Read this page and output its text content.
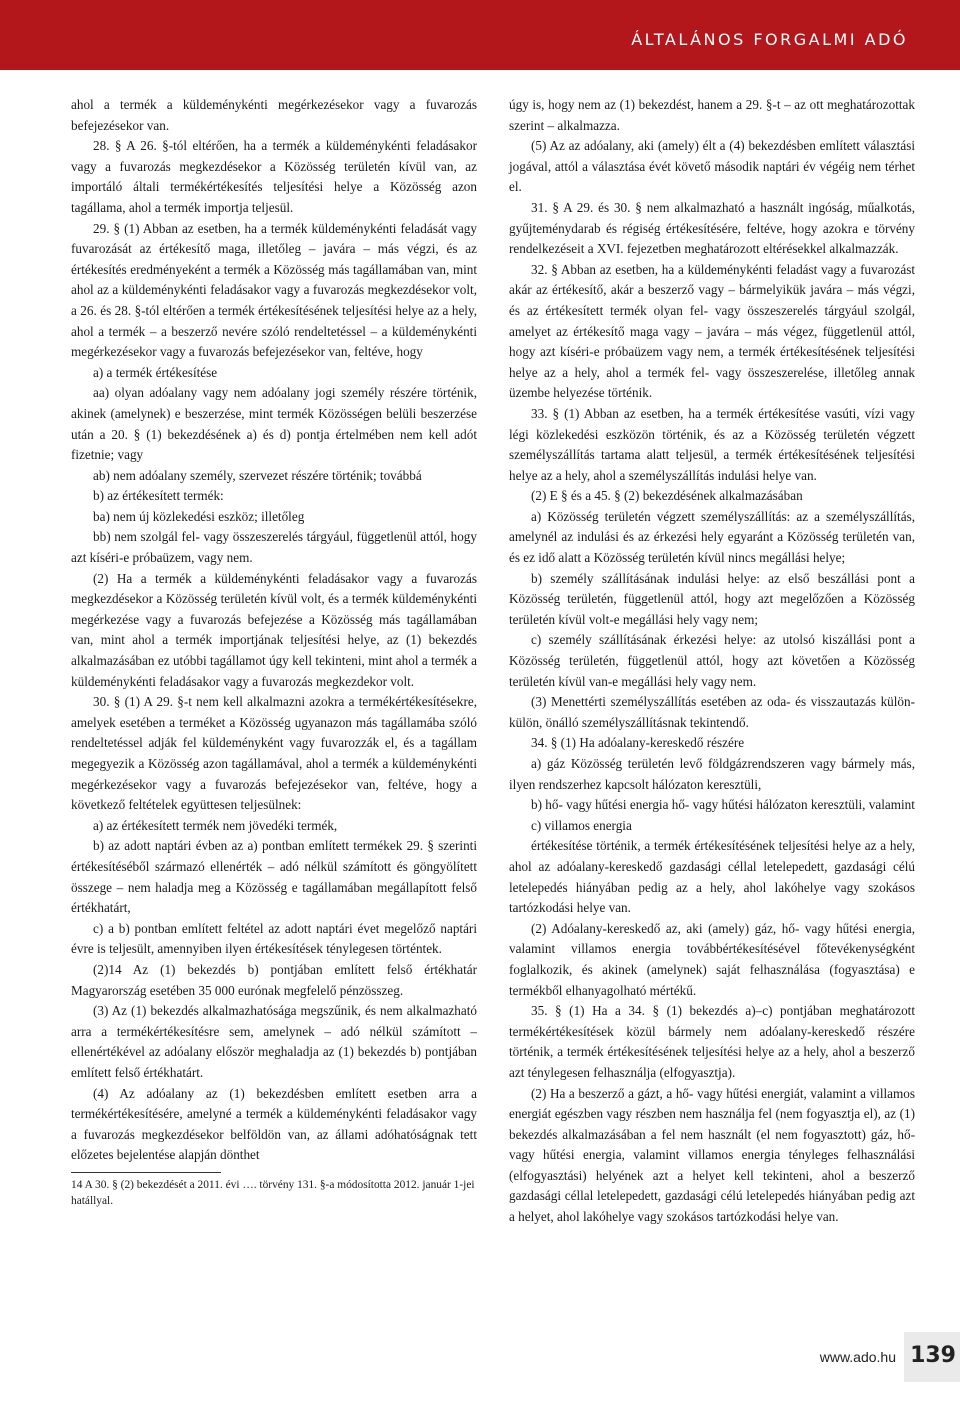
ÁLTALÁNOS FORGALMI ADÓ

ahol a termék a küldeménykénti megérkezésekor vagy a fuvarozás befejezésekor van.

28. § A 26. §-tól eltérően, ha a termék a küldeménykénti feladásakor vagy a fuvarozás megkezdésekor a Közösség területén kívül van, az importáló általi termékértékesítés teljesítési helye a Közösség azon tagállama, ahol a termék importja teljesül.

29. § (1) Abban az esetben, ha a termék küldeménykénti feladását vagy fuvarozását az értékesítő maga, illetőleg – javára – más végzi, és az értékesítés eredményeként a termék a Közösség más tagállamában van, mint ahol az a küldeménykénti feladásakor vagy a fuvarozás megkezdésekor volt, a 26. és 28. §-tól eltérően a termék értékesítésének teljesítési helye az a hely, ahol a termék – a beszerző nevére szóló rendeltetéssel – a küldeménykénti megérkezésekor vagy a fuvarozás befejezésekor van, feltéve, hogy

a) a termék értékesítése

aa) olyan adóalany vagy nem adóalany jogi személy részére történik, akinek (amelynek) e beszerzése, mint termék Közösségen belüli beszerzése után a 20. § (1) bekezdésének a) és d) pontja értelmében nem kell adót fizetnie; vagy

ab) nem adóalany személy, szervezet részére történik; továbbá

b) az értékesített termék:

ba) nem új közlekedési eszköz; illetőleg

bb) nem szolgál fel- vagy összeszerelés tárgyául, függetlenül attól, hogy azt kíséri-e próbaüzem, vagy nem.

(2) Ha a termék a küldeménykénti feladásakor vagy a fuvarozás megkezdésekor a Közösség területén kívül volt, és a termék küldeménykénti megérkezése vagy a fuvarozás befejezése a Közösség más tagállamában van, mint ahol a termék importjának teljesítési helye, az (1) bekezdés alkalmazásában ez utóbbi tagállamot úgy kell tekinteni, mint ahol a termék a küldeménykénti feladásakor vagy a fuvarozás megkezdekor volt.

30. § (1) A 29. §-t nem kell alkalmazni azokra a termékértékesítésekre, amelyek esetében a terméket a Közösség ugyanazon más tagállamába szóló rendeltetéssel adják fel küldeményként vagy fuvarozzák el, és a tagállam megegyezik a Közösség azon tagállamával, ahol a termék a küldeménykénti megérkezésekor vagy a fuvarozás befejezésekor van, feltéve, hogy a következő feltételek együttesen teljesülnek:

a) az értékesített termék nem jövedéki termék,

b) az adott naptári évben az a) pontban említett termékek 29. § szerinti értékesítéséből származó ellenérték – adó nélkül számított és göngyölített összege – nem haladja meg a Közösség e tagállamában megállapított felső értékhatárt,

c) a b) pontban említett feltétel az adott naptári évet megelőző naptári évre is teljesült, amennyiben ilyen értékesítések ténylegesen történtek.

(2)14 Az (1) bekezdés b) pontjában említett felső értékhatár Magyarország esetében 35 000 eurónak megfelelő pénzösszeg.

(3) Az (1) bekezdés alkalmazhatósága megszűnik, és nem alkalmazható arra a termékértékesítésre sem, amelynek – adó nélkül számított – ellenértékével az adóalany először meghaladja az (1) bekezdés b) pontjában említett felső értékhatárt.

(4) Az adóalany az (1) bekezdésben említett esetben arra a termékértékesítésére, amelyné a termék a küldeménykénti feladásakor vagy a fuvarozás megkezdésekor belföldön van, az állami adóhatóságnak tett előzetes bejelentése alapján dönthet

14 A 30. § (2) bekezdését a 2011. évi …. törvény 131. §-a módosította 2012. január 1-jei hatállyal.

úgy is, hogy nem az (1) bekezdést, hanem a 29. §-t – az ott meghatározottak szerint – alkalmazza.

(5) Az az adóalany, aki (amely) élt a (4) bekezdésben említett választási jogával, attól a választása évét követő második naptári év végéig nem térhet el.

31. § A 29. és 30. § nem alkalmazható a használt ingóság, műalkotás, gyűjteménydarab és régiség értékesítésére, feltéve, hogy azokra e törvény rendelkezéseit a XVI. fejezetben meghatározott eltérésekkel alkalmazzák.

32. § Abban az esetben, ha a küldeménykénti feladást vagy a fuvarozást akár az értékesítő, akár a beszerző vagy – bármelyikük javára – más végzi, és az értékesített termék olyan fel- vagy összeszerelés tárgyául szolgál, amelyet az értékesítő maga vagy – javára – más végez, függetlenül attól, hogy azt kíséri-e próbaüzem vagy nem, a termék értékesítésének teljesítési helye az a hely, ahol a termék fel- vagy összeszerelése, illetőleg annak üzembe helyezése történik.

33. § (1) Abban az esetben, ha a termék értékesítése vasúti, vízi vagy légi közlekedési eszközön történik, és az a Közösség területén végzett személyszállítás tartama alatt teljesül, a termék értékesítésének teljesítési helye az a hely, ahol a személyszállítás indulási helye van.

(2) E § és a 45. § (2) bekezdésének alkalmazásában

a) Közösség területén végzett személyszállítás: az a személyszállítás, amelynél az indulási és az érkezési hely egyaránt a Közösség területén van, és ez idő alatt a Közösség területén kívül nincs megállási helye;

b) személy szállításának indulási helye: az első beszállási pont a Közösség területén, függetlenül attól, hogy azt megelőzően a Közösség területén kívül volt-e megállási hely vagy nem;

c) személy szállításának érkezési helye: az utolsó kiszállási pont a Közösség területén, függetlenül attól, hogy azt követően a Közösség területén kívül van-e megállási hely vagy nem.

(3) Menettérti személyszállítás esetében az oda- és visszautazás külön-külön, önálló személyszállításnak tekintendő.

34. § (1) Ha adóalany-kereskedő részére

a) gáz Közösség területén levő földgázrendszeren vagy bármely más, ilyen rendszerhez kapcsolt hálózaton keresztüli,

b) hő- vagy hűtési energia hő- vagy hűtési hálózaton keresztüli, valamint

c) villamos energia

értékesítése történik, a termék értékesítésének teljesítési helye az a hely, ahol az adóalany-kereskedő gazdasági céllal letelepedett, gazdasági célú letelepedés hiányában pedig az a hely, ahol lakóhelye vagy szokásos tartózkodási helye van.

(2) Adóalany-kereskedő az, aki (amely) gáz, hő- vagy hűtési energia, valamint villamos energia továbbértékesítésével főtevékenységként foglalkozik, és akinek (amelynek) saját felhasználása (fogyasztása) e termékből elhanyagolható mértékű.

35. § (1) Ha a 34. § (1) bekezdés a)–c) pontjában meghatározott termékértékesítések közül bármely nem adóalany-kereskedő részére történik, a termék értékesítésének teljesítési helye az a hely, ahol a beszerző azt ténylegesen felhasználja (elfogyasztja).

(2) Ha a beszerző a gázt, a hő- vagy hűtési energiát, valamint a villamos energiát egészben vagy részben nem használja fel (nem fogyasztja el), az (1) bekezdés alkalmazásában a fel nem használt (el nem fogyasztott) gáz, hő- vagy hűtési energia, valamint villamos energia tényleges felhasználási (elfogyasztási) helyének azt a helyet kell tekinteni, ahol a beszerző gazdasági céllal letelepedett, gazdasági célú letelepedés hiányában pedig azt a helyet, ahol lakóhelye vagy szokásos tartózkodási helye van.

www.ado.hu 139
